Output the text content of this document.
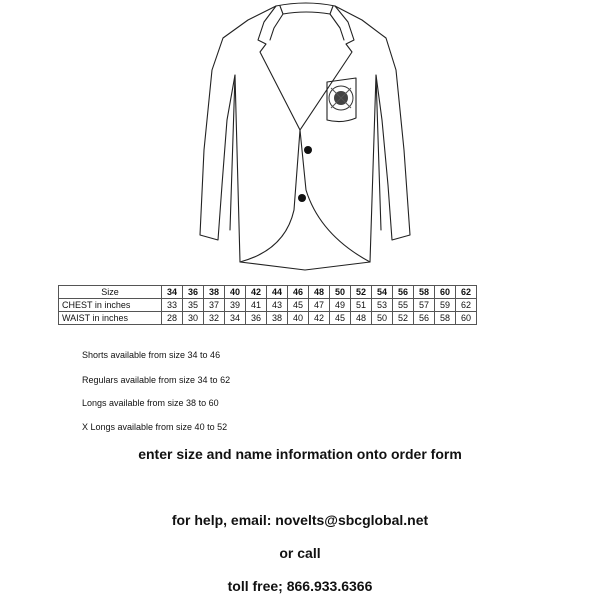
Size	34	36	38	40	42	44	46	48	50	52	54	56	58	60	62
CHEST in inches	33	35	37	39	41	43	45	47	49	51	53	55	57	59	62
WAIST in inches	28	30	32	34	36	38	40	42	45	48	50	52	56	58	60
Shorts available from size 34 to 46
Regulars available from size 34 to 62
Longs available from size 38 to 60
X Longs available from size 40 to 52
enter size and name information onto order form
for help, email: novelts@sbcglobal.net
or call
toll free; 866.933.6366
